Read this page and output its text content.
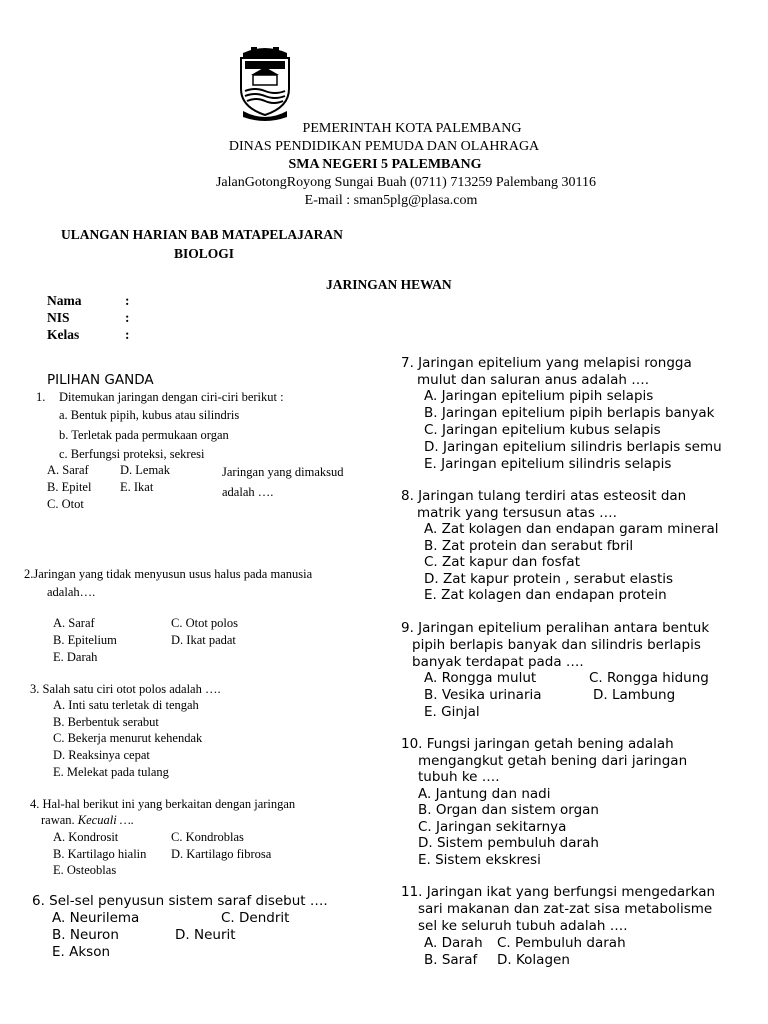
PEMERINTAH KOTA PALEMBANG
DINAS PENDIDIKAN PEMUDA DAN OLAHRAGA
SMA NEGERI 5 PALEMBANG
JalanGotongRoyong Sungai Buah (0711) 713259 Palembang 30116
E-mail : sman5plg@plasa.com
ULANGAN HARIAN BAB MATAPELAJARAN
BIOLOGI
JARINGAN HEWAN
Nama	:
NIS	:
Kelas	:
PILIHAN GANDA
1. Ditemukan jaringan dengan ciri-ciri berikut :
a. Bentuk pipih, kubus atau silindris
b. Terletak pada permukaan organ
c. Berfungsi proteksi, sekresi
A. Saraf	D. Lemak	Jaringan yang dimaksud
B. Epitel E. Ikat	adalah ….
C. Otot
2.Jaringan yang tidak menyusun usus halus pada manusia
adalah….
A. Saraf	C. Otot polos
B. Epitelium	D. Ikat padat
E. Darah
3. Salah satu ciri otot polos adalah ….
A. Inti satu terletak di tengah
B. Berbentuk serabut
C. Bekerja menurut kehendak
D. Reaksinya cepat
E. Melekat pada tulang
4. Hal-hal berikut ini yang berkaitan dengan jaringan
rawan. Kecuali ….
A. Kondrosit	C. Kondroblas
B. Kartilago hialin D. Kartilago fibrosa
E. Osteoblas
6. Sel-sel penyusun sistem saraf disebut ….
A. Neurilema	C. Dendrit
B. Neuron	D. Neurit
E. Akson
7. Jaringan epitelium yang melapisi rongga
mulut dan saluran anus adalah ….
A. Jaringan epitelium pipih selapis
B. Jaringan epitelium pipih berlapis banyak
C. Jaringan epitelium kubus selapis
D. Jaringan epitelium silindris berlapis semu
E. Jaringan epitelium silindris selapis
8. Jaringan tulang terdiri atas esteosit dan
matrik yang tersusun atas ….
A. Zat kolagen dan endapan garam mineral
B. Zat protein dan serabut fbril
C. Zat kapur dan fosfat
D. Zat kapur protein , serabut elastis
E. Zat kolagen dan endapan protein
9. Jaringan epitelium peralihan antara bentuk
pipih berlapis banyak dan silindris berlapis
banyak terdapat pada ….
A. Rongga mulut	C. Rongga hidung
B. Vesika urinaria	D. Lambung
E. Ginjal
10. Fungsi jaringan getah bening adalah
mengangkut getah bening dari jaringan
tubuh ke ….
A. Jantung dan nadi
B. Organ dan sistem organ
C. Jaringan sekitarnya
D. Sistem pembuluh darah
E. Sistem ekskresi
11. Jaringan ikat yang berfungsi mengedarkan
sari makanan dan zat-zat sisa metabolisme
sel ke seluruh tubuh adalah ….
A. Darah C. Pembuluh darah
B. Saraf D. Kolagen
